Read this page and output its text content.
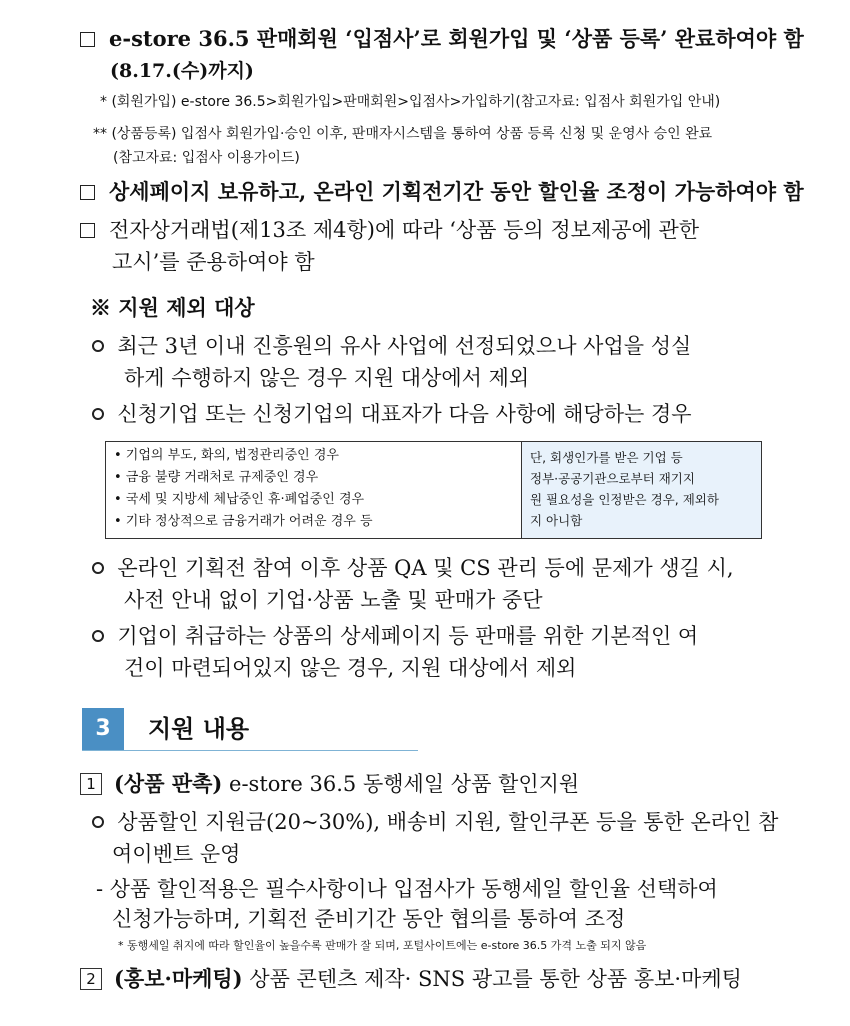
e-store 36.5 판매회원 ‘입점사’로 회원가입 및 ‘상품 등록’ 완료하여야 함
(8.17.(수)까지)
* (회원가입) e-store 36.5>회원가입>판매회원>입점사>가입하기(참고자료: 입점사 회원가입 안내)
** (상품등록) 입점사 회원가입·승인 이후, 판매자시스템을 통하여 상품 등록 신청 및 운영사 승인 완료
(참고자료: 입점사 이용가이드)
상세페이지 보유하고, 온라인 기획전기간 동안 할인율 조정이 가능하여야 함
전자상거래법(제13조 제4항)에 따라 ‘상품 등의 정보제공에 관한
고시’를 준용하여야 함
※ 지원 제외 대상
최근 3년 이내 진흥원의 유사 사업에 선정되었으나 사업을 성실
하게 수행하지 않은 경우 지원 대상에서 제외
신청기업 또는 신청기업의 대표자가 다음 사항에 해당하는 경우
• 기업의 부도, 화의, 법정관리중인 경우
• 금융 불량 거래처로 규제중인 경우
• 국세 및 지방세 체납중인 휴·폐업중인 경우
• 기타 정상적으로 금융거래가 어려운 경우 등
단, 회생인가를 받은 기업 등
정부·공공기관으로부터 재기지
원 필요성을 인정받은 경우, 제외하
지 아니함
온라인 기획전 참여 이후 상품 QA 및 CS 관리 등에 문제가 생길 시,
사전 안내 없이 기업·상품 노출 및 판매가 중단
기업이 취급하는 상품의 상세페이지 등 판매를 위한 기본적인 여
건이 마련되어있지 않은 경우, 지원 대상에서 제외
3	지원 내용
1 (상품 판촉) e-store 36.5 동행세일 상품 할인지원
상품할인 지원금(20~30%), 배송비 지원, 할인쿠폰 등을 통한 온라인 참
여이벤트 운영
- 상품 할인적용은 필수사항이나 입점사가 동행세일 할인율 선택하여
신청가능하며, 기획전 준비기간 동안 협의를 통하여 조정
* 동행세일 취지에 따라 할인율이 높을수록 판매가 잘 되며, 포털사이트에는 e-store 36.5 가격 노출 되지 않음
2 (홍보·마케팅) 상품 콘텐츠 제작· SNS 광고를 통한 상품 홍보·마케팅
